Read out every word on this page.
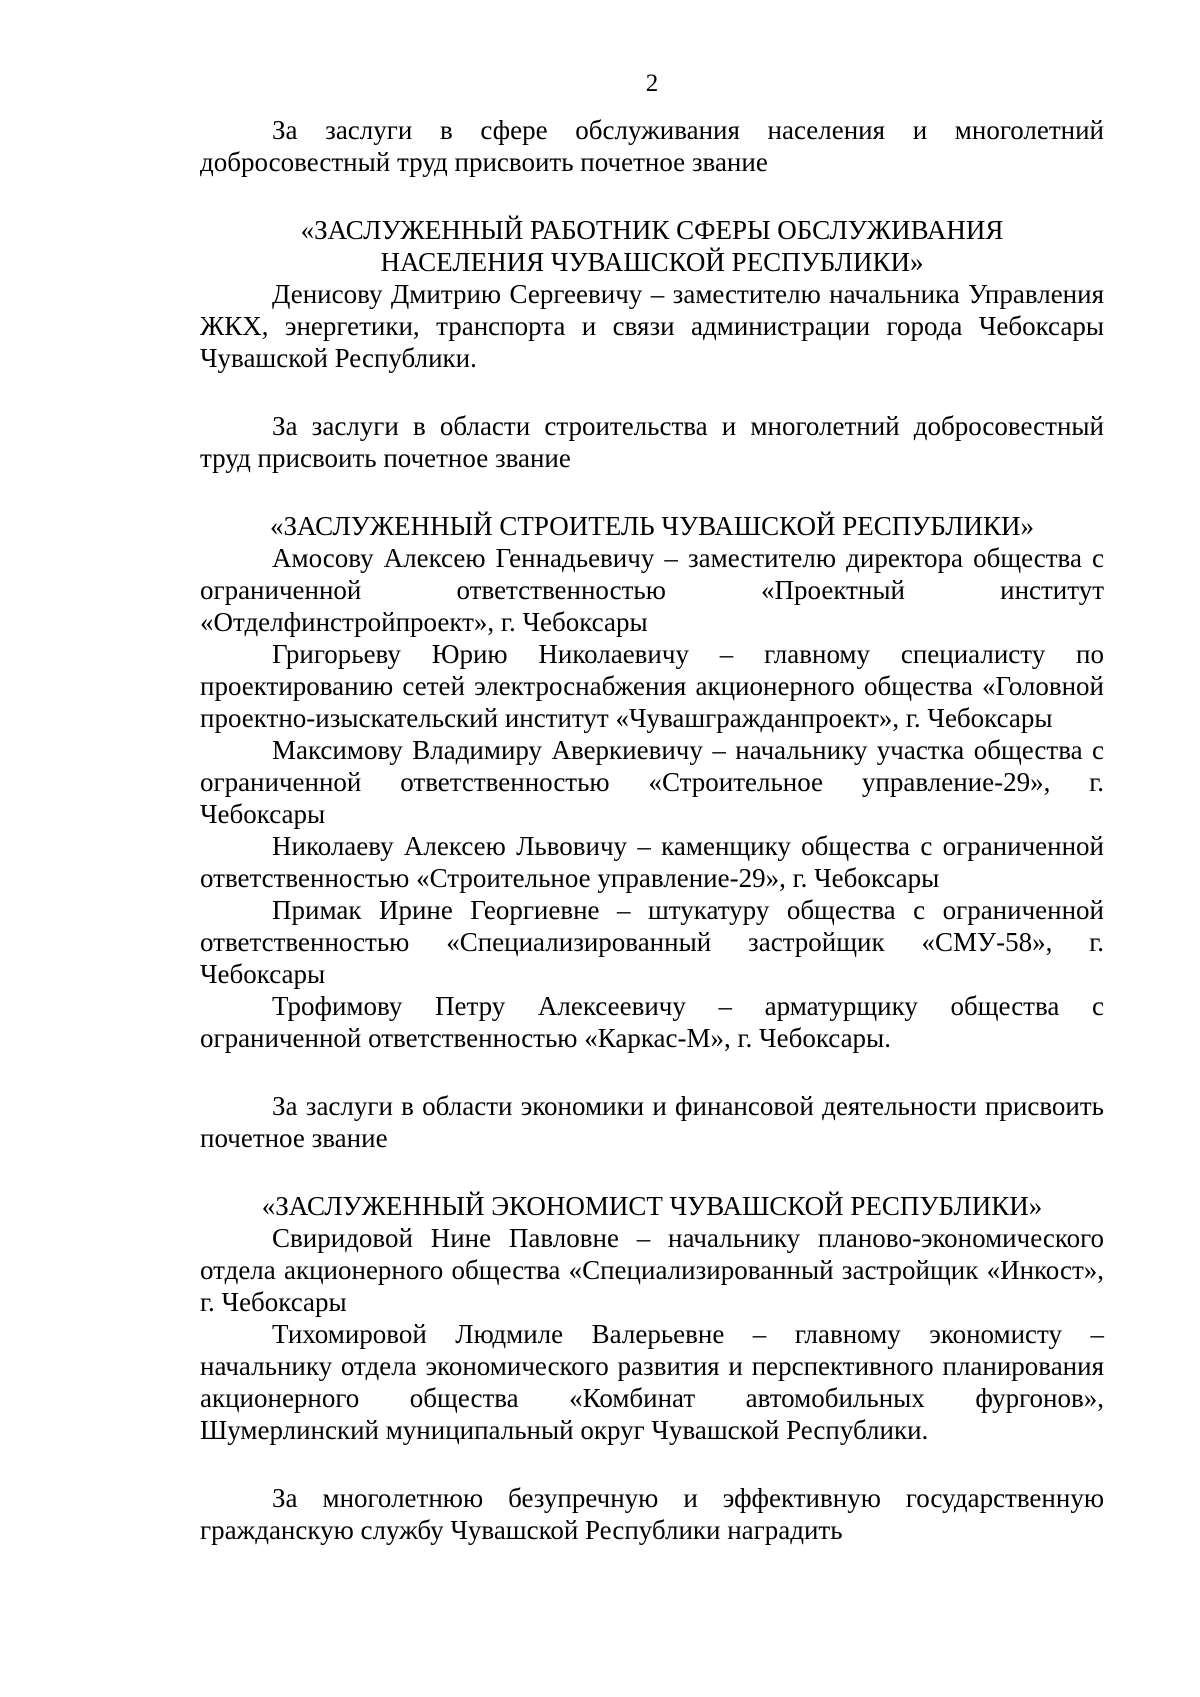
2

За заслуги в сфере обслуживания населения и многолетний добросовестный труд присвоить почетное звание

«ЗАСЛУЖЕННЫЙ РАБОТНИК СФЕРЫ ОБСЛУЖИВАНИЯ
НАСЕЛЕНИЯ ЧУВАШСКОЙ РЕСПУБЛИКИ»

Денисову Дмитрию Сергеевичу – заместителю начальника Управления ЖКХ, энергетики, транспорта и связи администрации города Чебоксары Чувашской Республики.

За заслуги в области строительства и многолетний добросовестный труд присвоить почетное звание

«ЗАСЛУЖЕННЫЙ СТРОИТЕЛЬ ЧУВАШСКОЙ РЕСПУБЛИКИ»

Амосову Алексею Геннадьевичу – заместителю директора общества с ограниченной ответственностью «Проектный институт «Отделфинстройпроект», г. Чебоксары

Григорьеву Юрию Николаевичу – главному специалисту по проектированию сетей электроснабжения акционерного общества «Головной проектно-изыскательский институт «Чувашгражданпроект», г. Чебоксары

Максимову Владимиру Аверкиевичу – начальнику участка общества с ограниченной ответственностью «Строительное управление-29», г. Чебоксары

Николаеву Алексею Львовичу – каменщику общества с ограниченной ответственностью «Строительное управление-29», г. Чебоксары

Примак Ирине Георгиевне – штукатуру общества с ограниченной ответственностью «Специализированный застройщик «СМУ-58», г. Чебоксары

Трофимову Петру Алексеевичу – арматурщику общества с ограниченной ответственностью «Каркас-М», г. Чебоксары.

За заслуги в области экономики и финансовой деятельности присвоить почетное звание

«ЗАСЛУЖЕННЫЙ ЭКОНОМИСТ ЧУВАШСКОЙ РЕСПУБЛИКИ»

Свиридовой Нине Павловне – начальнику планово-экономического отдела акционерного общества «Специализированный застройщик «Инкост», г. Чебоксары

Тихомировой Людмиле Валерьевне – главному экономисту – начальнику отдела экономического развития и перспективного планирования акционерного общества «Комбинат автомобильных фургонов», Шумерлинский муниципальный округ Чувашской Республики.

За многолетнюю безупречную и эффективную государственную гражданскую службу Чувашской Республики наградить
